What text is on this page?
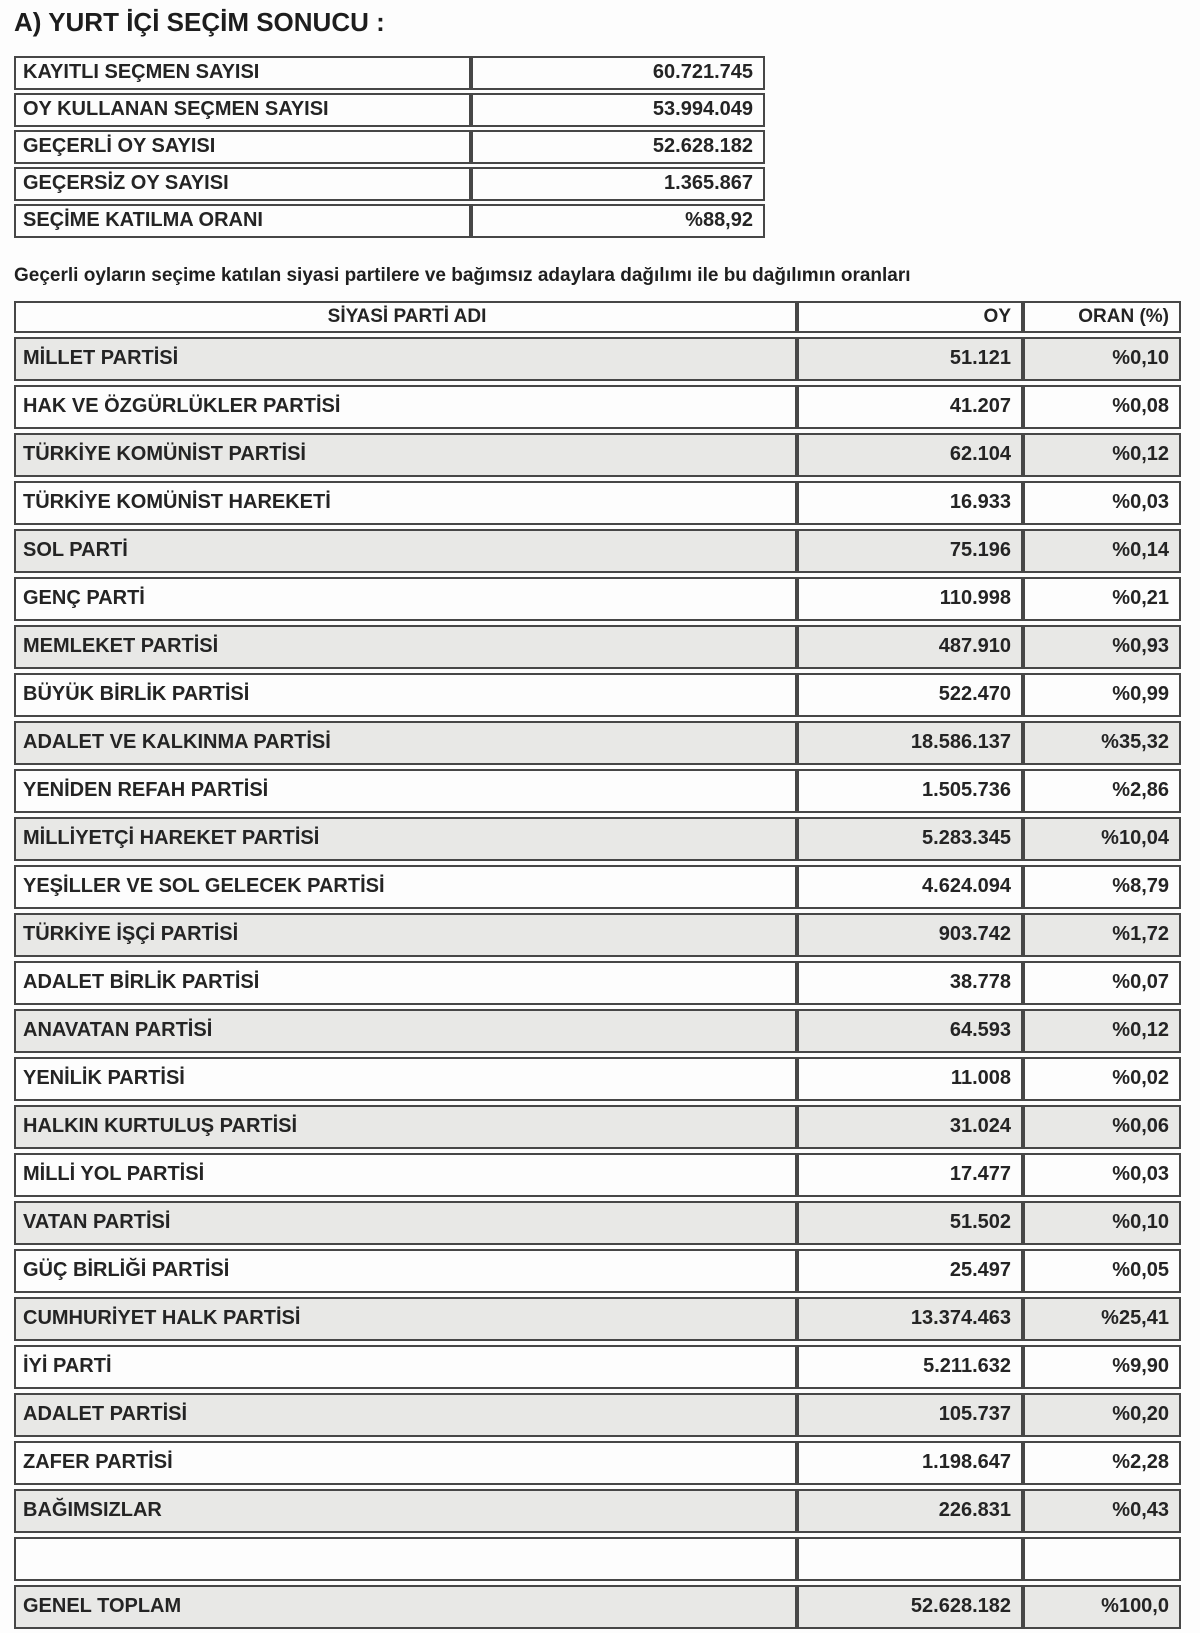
A) YURT İÇİ SEÇİM SONUCU :
KAYITLI SEÇMEN SAYISI	60.721.745
OY KULLANAN SEÇMEN SAYISI	53.994.049
GEÇERLİ OY SAYISI	52.628.182
GEÇERSİZ OY SAYISI	1.365.867
SEÇİME KATILMA ORANI	%88,92

Geçerli oyların seçime katılan siyasi partilere ve bağımsız adaylara dağılımı ile bu dağılımın oranları

SİYASİ PARTİ ADI	OY	ORAN (%)
MİLLET PARTİSİ	51.121	%0,10
HAK VE ÖZGÜRLÜKLER PARTİSİ	41.207	%0,08
TÜRKİYE KOMÜNİST PARTİSİ	62.104	%0,12
TÜRKİYE KOMÜNİST HAREKETİ	16.933	%0,03
SOL PARTİ	75.196	%0,14
GENÇ PARTİ	110.998	%0,21
MEMLEKET PARTİSİ	487.910	%0,93
BÜYÜK BİRLİK PARTİSİ	522.470	%0,99
ADALET VE KALKINMA PARTİSİ	18.586.137	%35,32
YENİDEN REFAH PARTİSİ	1.505.736	%2,86
MİLLİYETÇİ HAREKET PARTİSİ	5.283.345	%10,04
YEŞİLLER VE SOL GELECEK PARTİSİ	4.624.094	%8,79
TÜRKİYE İŞÇİ PARTİSİ	903.742	%1,72
ADALET BİRLİK PARTİSİ	38.778	%0,07
ANAVATAN PARTİSİ	64.593	%0,12
YENİLİK PARTİSİ	11.008	%0,02
HALKIN KURTULUŞ PARTİSİ	31.024	%0,06
MİLLİ YOL PARTİSİ	17.477	%0,03
VATAN PARTİSİ	51.502	%0,10
GÜÇ BİRLİĞİ PARTİSİ	25.497	%0,05
CUMHURİYET HALK PARTİSİ	13.374.463	%25,41
İYİ PARTİ	5.211.632	%9,90
ADALET PARTİSİ	105.737	%0,20
ZAFER PARTİSİ	1.198.647	%2,28
BAĞIMSIZLAR	226.831	%0,43

GENEL TOPLAM	52.628.182	%100,0
